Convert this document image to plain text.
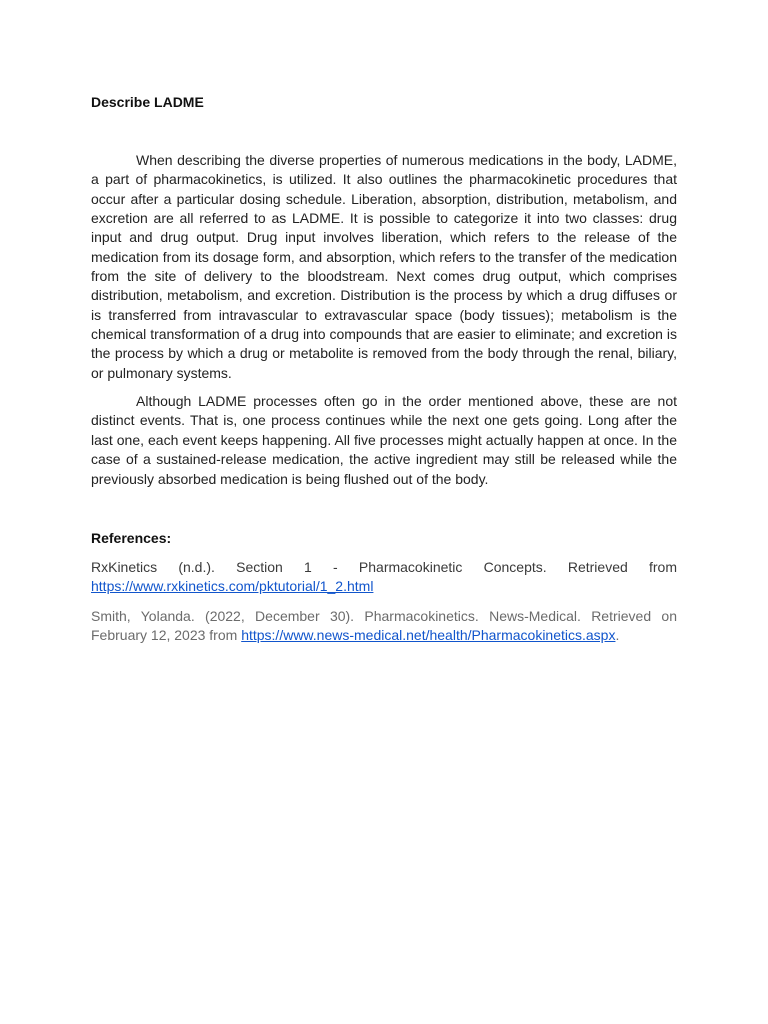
Describe LADME

When describing the diverse properties of numerous medications in the body, LADME, a part of pharmacokinetics, is utilized. It also outlines the pharmacokinetic procedures that occur after a particular dosing schedule. Liberation, absorption, distribution, metabolism, and excretion are all referred to as LADME. It is possible to categorize it into two classes: drug input and drug output. Drug input involves liberation, which refers to the release of the medication from its dosage form, and absorption, which refers to the transfer of the medication from the site of delivery to the bloodstream. Next comes drug output, which comprises distribution, metabolism, and excretion. Distribution is the process by which a drug diffuses or is transferred from intravascular to extravascular space (body tissues); metabolism is the chemical transformation of a drug into compounds that are easier to eliminate; and excretion is the process by which a drug or metabolite is removed from the body through the renal, biliary, or pulmonary systems.

Although LADME processes often go in the order mentioned above, these are not distinct events. That is, one process continues while the next one gets going. Long after the last one, each event keeps happening. All five processes might actually happen at once. In the case of a sustained-release medication, the active ingredient may still be released while the previously absorbed medication is being flushed out of the body.

References:

RxKinetics (n.d.). Section 1 - Pharmacokinetic Concepts. Retrieved from https://www.rxkinetics.com/pktutorial/1_2.html

Smith, Yolanda. (2022, December 30). Pharmacokinetics. News-Medical. Retrieved on February 12, 2023 from https://www.news-medical.net/health/Pharmacokinetics.aspx.
